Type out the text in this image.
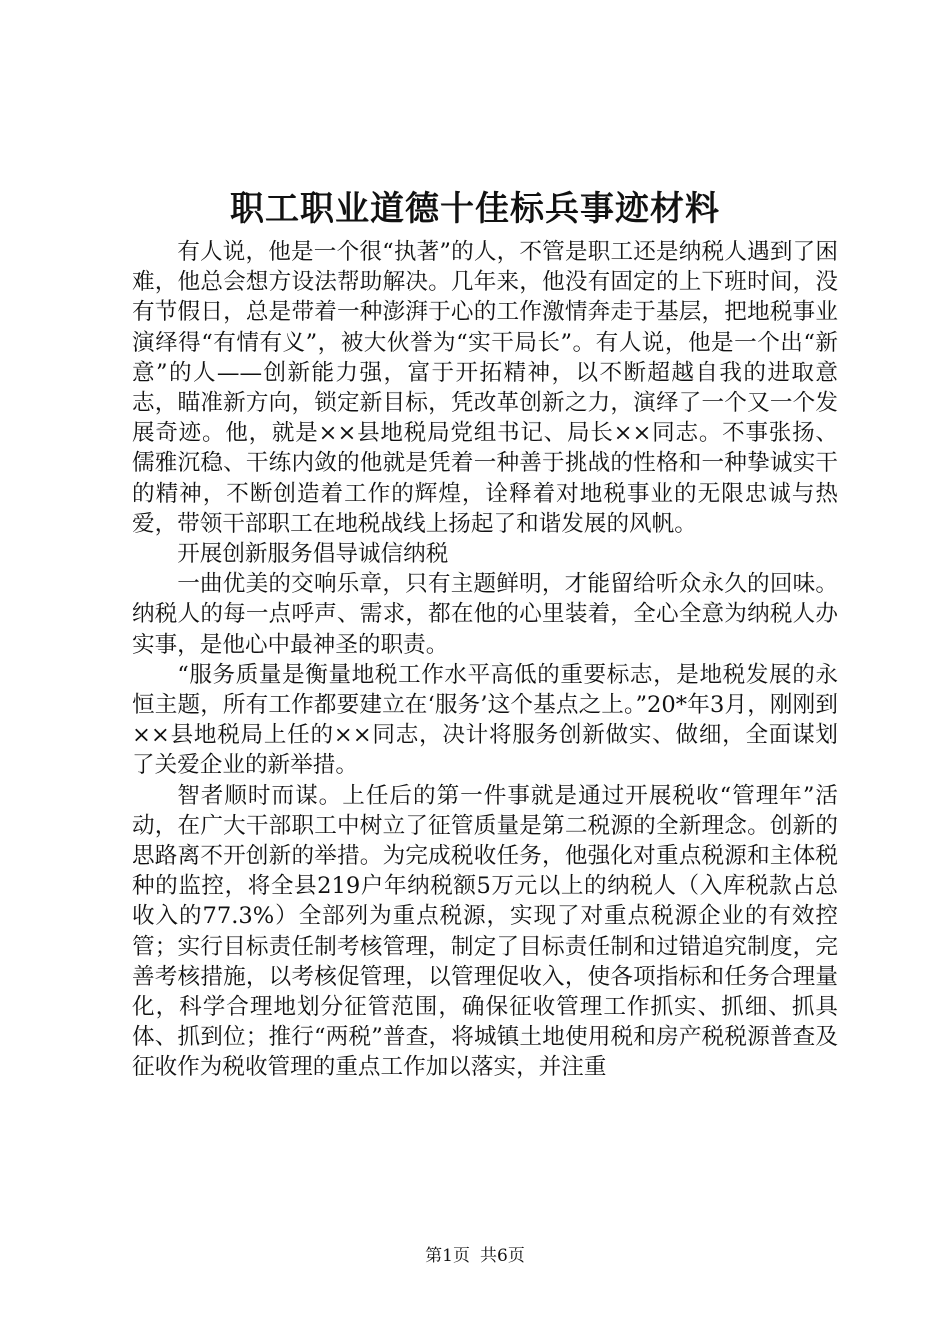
职工职业道德十佳标兵事迹材料

有人说，他是一个很“执著”的人，不管是职工还是纳税人遇到了困难，他总会想方设法帮助解决。几年来，他没有固定的上下班时间，没有节假日，总是带着一种澎湃于心的工作激情奔走于基层，把地税事业演绎得“有情有义”，被大伙誉为“实干局长”。有人说，他是一个出“新意”的人——创新能力强，富于开拓精神，以不断超越自我的进取意志，瞄准新方向，锁定新目标，凭改革创新之力，演绎了一个又一个发展奇迹。他，就是××县地税局党组书记、局长××同志。不事张扬、儒雅沉稳、干练内敛的他就是凭着一种善于挑战的性格和一种挚诚实干的精神，不断创造着工作的辉煌，诠释着对地税事业的无限忠诚与热爱，带领干部职工在地税战线上扬起了和谐发展的风帆。

开展创新服务倡导诚信纳税

一曲优美的交响乐章，只有主题鲜明，才能留给听众永久的回味。纳税人的每一点呼声、需求，都在他的心里装着，全心全意为纳税人办实事，是他心中最神圣的职责。

“服务质量是衡量地税工作水平高低的重要标志，是地税发展的永恒主题，所有工作都要建立在‘服务’这个基点之上。”20*年3月，刚刚到××县地税局上任的××同志，决计将服务创新做实、做细，全面谋划了关爱企业的新举措。

智者顺时而谋。上任后的第一件事就是通过开展税收“管理年”活动，在广大干部职工中树立了征管质量是第二税源的全新理念。创新的思路离不开创新的举措。为完成税收任务，他强化对重点税源和主体税种的监控，将全县219户年纳税额5万元以上的纳税人（入库税款占总收入的77.3%）全部列为重点税源，实现了对重点税源企业的有效控管；实行目标责任制考核管理，制定了目标责任制和过错追究制度，完善考核措施，以考核促管理，以管理促收入，使各项指标和任务合理量化，科学合理地划分征管范围，确保征收管理工作抓实、抓细、抓具体、抓到位；推行“两税”普查，将城镇土地使用税和房产税税源普查及征收作为税收管理的重点工作加以落实，并注重

第1页 共6页
